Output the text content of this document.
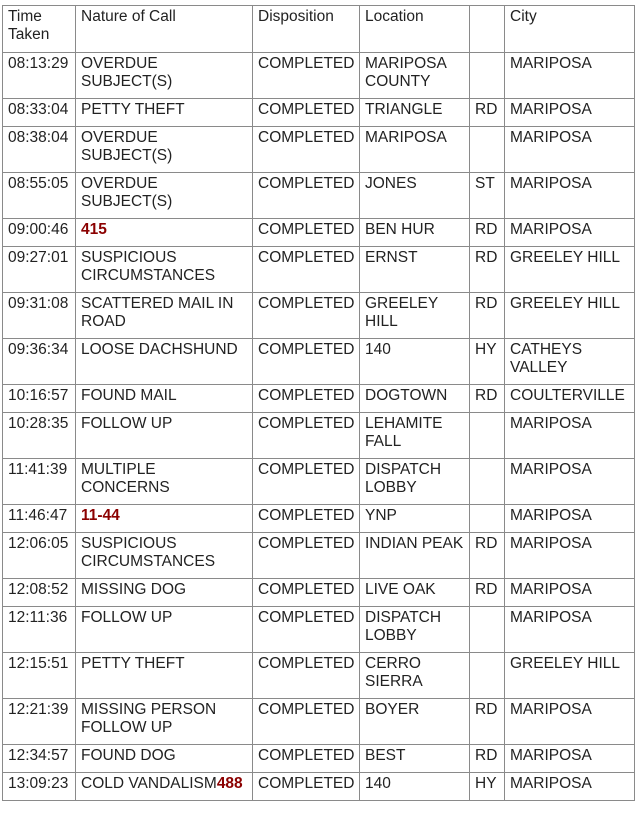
Time Taken	Nature of Call	Disposition	Location		City
08:13:29	OVERDUE SUBJECT(S)	COMPLETED	MARIPOSA COUNTY		MARIPOSA
08:33:04	PETTY THEFT	COMPLETED	TRIANGLE	RD	MARIPOSA
08:38:04	OVERDUE SUBJECT(S)	COMPLETED	MARIPOSA		MARIPOSA
08:55:05	OVERDUE SUBJECT(S)	COMPLETED	JONES	ST	MARIPOSA
09:00:46	415	COMPLETED	BEN HUR	RD	MARIPOSA
09:27:01	SUSPICIOUS CIRCUMSTANCES	COMPLETED	ERNST	RD	GREELEY HILL
09:31:08	SCATTERED MAIL IN ROAD	COMPLETED	GREELEY HILL	RD	GREELEY HILL
09:36:34	LOOSE DACHSHUND	COMPLETED	140	HY	CATHEYS VALLEY
10:16:57	FOUND MAIL	COMPLETED	DOGTOWN	RD	COULTERVILLE
10:28:35	FOLLOW UP	COMPLETED	LEHAMITE FALL		MARIPOSA
11:41:39	MULTIPLE CONCERNS	COMPLETED	DISPATCH LOBBY		MARIPOSA
11:46:47	11-44	COMPLETED	YNP		MARIPOSA
12:06:05	SUSPICIOUS CIRCUMSTANCES	COMPLETED	INDIAN PEAK	RD	MARIPOSA
12:08:52	MISSING DOG	COMPLETED	LIVE OAK	RD	MARIPOSA
12:11:36	FOLLOW UP	COMPLETED	DISPATCH LOBBY		MARIPOSA
12:15:51	PETTY THEFT	COMPLETED	CERRO SIERRA		GREELEY HILL
12:21:39	MISSING PERSON FOLLOW UP	COMPLETED	BOYER	RD	MARIPOSA
12:34:57	FOUND DOG	COMPLETED	BEST	RD	MARIPOSA
13:09:23	COLD VANDALISM488	COMPLETED	140	HY	MARIPOSA
